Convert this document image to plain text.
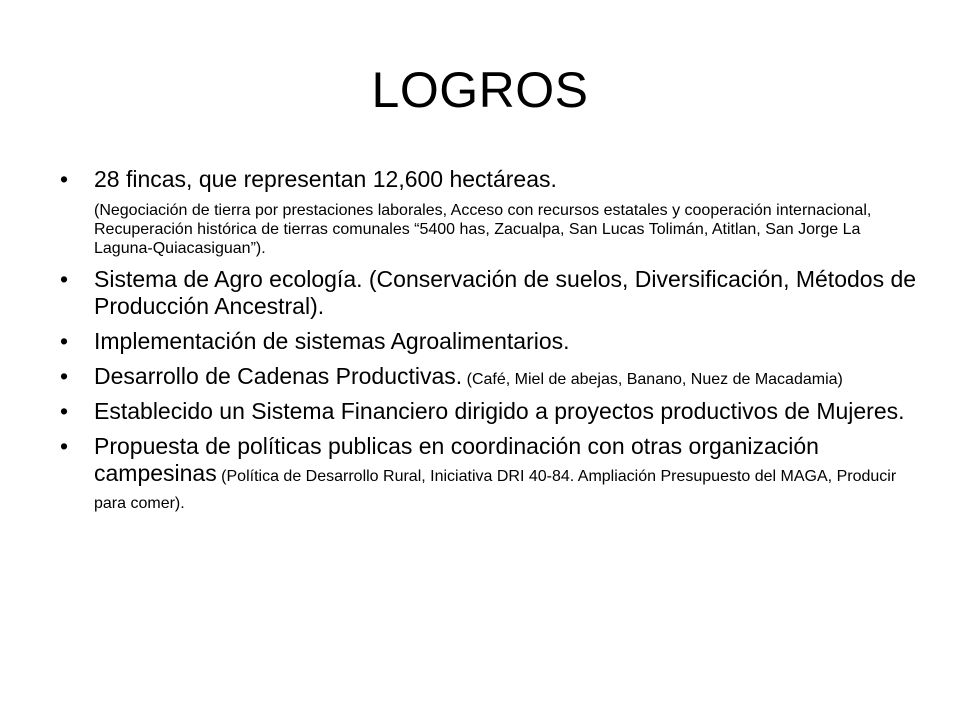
LOGROS
•	28 fincas, que representan 12,600 hectáreas.
(Negociación de tierra por prestaciones laborales, Acceso con recursos estatales y cooperación internacional, Recuperación histórica de tierras comunales “5400 has, Zacualpa, San Lucas Tolimán, Atitlan, San Jorge La Laguna-Quiacasiguan”).
•	Sistema de Agro ecología. (Conservación de suelos, Diversificación, Métodos de Producción Ancestral).
•	Implementación de sistemas Agroalimentarios.
•	Desarrollo de Cadenas Productivas. (Café, Miel de abejas, Banano, Nuez de Macadamia)
•	Establecido un Sistema Financiero dirigido a proyectos productivos de Mujeres.
•	Propuesta de políticas publicas en coordinación con otras organización campesinas (Política de Desarrollo Rural, Iniciativa DRI 40-84. Ampliación Presupuesto del MAGA, Producir para comer).
